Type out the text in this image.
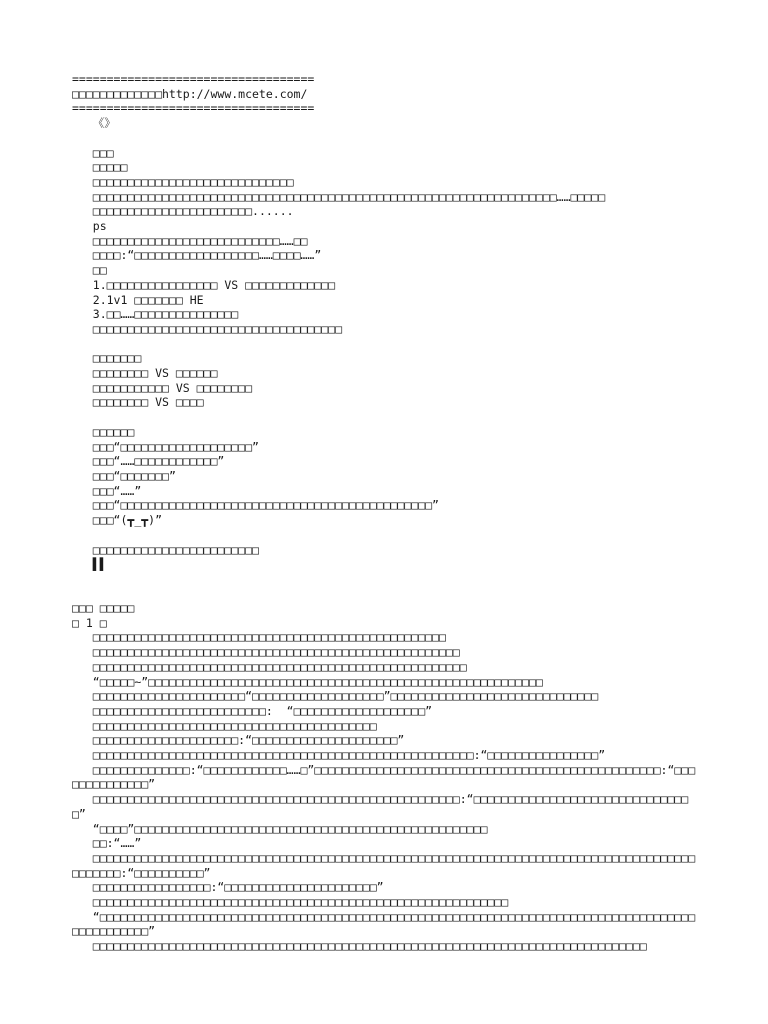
===================================
□□□□□□□□□□□□□http://www.mcete.com/
===================================
《》

□□□
□□□□□
□□□□□□□□□□□□□□□□□□□□□□□□□□□□□
□□□□□□□□□□□□□□□□□□□□□□□□□□□□□□□□□□□□□□□□□□□□□□□□□□□□□□□□□□□□□□□□□□□……□□□□□
□□□□□□□□□□□□□□□□□□□□□□□......
ps
□□□□□□□□□□□□□□□□□□□□□□□□□□□……□□
□□□□:“□□□□□□□□□□□□□□□□□□……□□□□……”
□□
1.□□□□□□□□□□□□□□□□ VS □□□□□□□□□□□□□
2.1v1 □□□□□□□ HE
3.□□……□□□□□□□□□□□□□□□
□□□□□□□□□□□□□□□□□□□□□□□□□□□□□□□□□□□□

□□□□□□□
□□□□□□□□ VS □□□□□□
□□□□□□□□□□□ VS □□□□□□□□
□□□□□□□□ VS □□□□

□□□□□□
□□□“□□□□□□□□□□□□□□□□□□□”
□□□“……□□□□□□□□□□□□”
□□□“□□□□□□□”
□□□“……”
□□□“□□□□□□□□□□□□□□□□□□□□□□□□□□□□□□□□□□□□□□□□□□□□□”
□□□“(┳_┳)”

□□□□□□□□□□□□□□□□□□□□□□□□
▌▌
□□□ □□□□□
□ 1 □
□□□□□□□□□□□□□□□□□□□□□□□□□□□□□□□□□□□□□□□□□□□□□□□□□□□
□□□□□□□□□□□□□□□□□□□□□□□□□□□□□□□□□□□□□□□□□□□□□□□□□□□□□
□□□□□□□□□□□□□□□□□□□□□□□□□□□□□□□□□□□□□□□□□□□□□□□□□□□□□□
“□□□□□~”□□□□□□□□□□□□□□□□□□□□□□□□□□□□□□□□□□□□□□□□□□□□□□□□□□□□□□□□□
□□□□□□□□□□□□□□□□□□□□□□“□□□□□□□□□□□□□□□□□□□”□□□□□□□□□□□□□□□□□□□□□□□□□□□□□□
□□□□□□□□□□□□□□□□□□□□□□□□□:  “□□□□□□□□□□□□□□□□□□□”
□□□□□□□□□□□□□□□□□□□□□□□□□□□□□□□□□□□□□□□□□
□□□□□□□□□□□□□□□□□□□□□:“□□□□□□□□□□□□□□□□□□□□□”
□□□□□□□□□□□□□□□□□□□□□□□□□□□□□□□□□□□□□□□□□□□□□□□□□□□□□□□:“□□□□□□□□□□□□□□□□”
□□□□□□□□□□□□□□:“□□□□□□□□□□□□……□”□□□□□□□□□□□□□□□□□□□□□□□□□□□□□□□□□□□□□□□□□□□□□□□□□□:“□□□□□□□□□□□□□□”
□□□□□□□□□□□□□□□□□□□□□□□□□□□□□□□□□□□□□□□□□□□□□□□□□□□□□:“□□□□□□□□□□□□□□□□□□□□□□□□□□□□□□□□”
“□□□□”□□□□□□□□□□□□□□□□□□□□□□□□□□□□□□□□□□□□□□□□□□□□□□□□□□□
□□:“……”
□□□□□□□□□□□□□□□□□□□□□□□□□□□□□□□□□□□□□□□□□□□□□□□□□□□□□□□□□□□□□□□□□□□□□□□□□□□□□□□□□□□□□□□□□□□□□□:“□□□□□□□□□□”
□□□□□□□□□□□□□□□□□:“□□□□□□□□□□□□□□□□□□□□□□”
□□□□□□□□□□□□□□□□□□□□□□□□□□□□□□□□□□□□□□□□□□□□□□□□□□□□□□□□□□□□
“□□□□□□□□□□□□□□□□□□□□□□□□□□□□□□□□□□□□□□□□□□□□□□□□□□□□□□□□□□□□□□□□□□□□□□□□□□□□□□□□□□□□□□□□□□□□□□□□□”
□□□□□□□□□□□□□□□□□□□□□□□□□□□□□□□□□□□□□□□□□□□□□□□□□□□□□□□□□□□□□□□□□□□□□□□□□□□□□□□□
